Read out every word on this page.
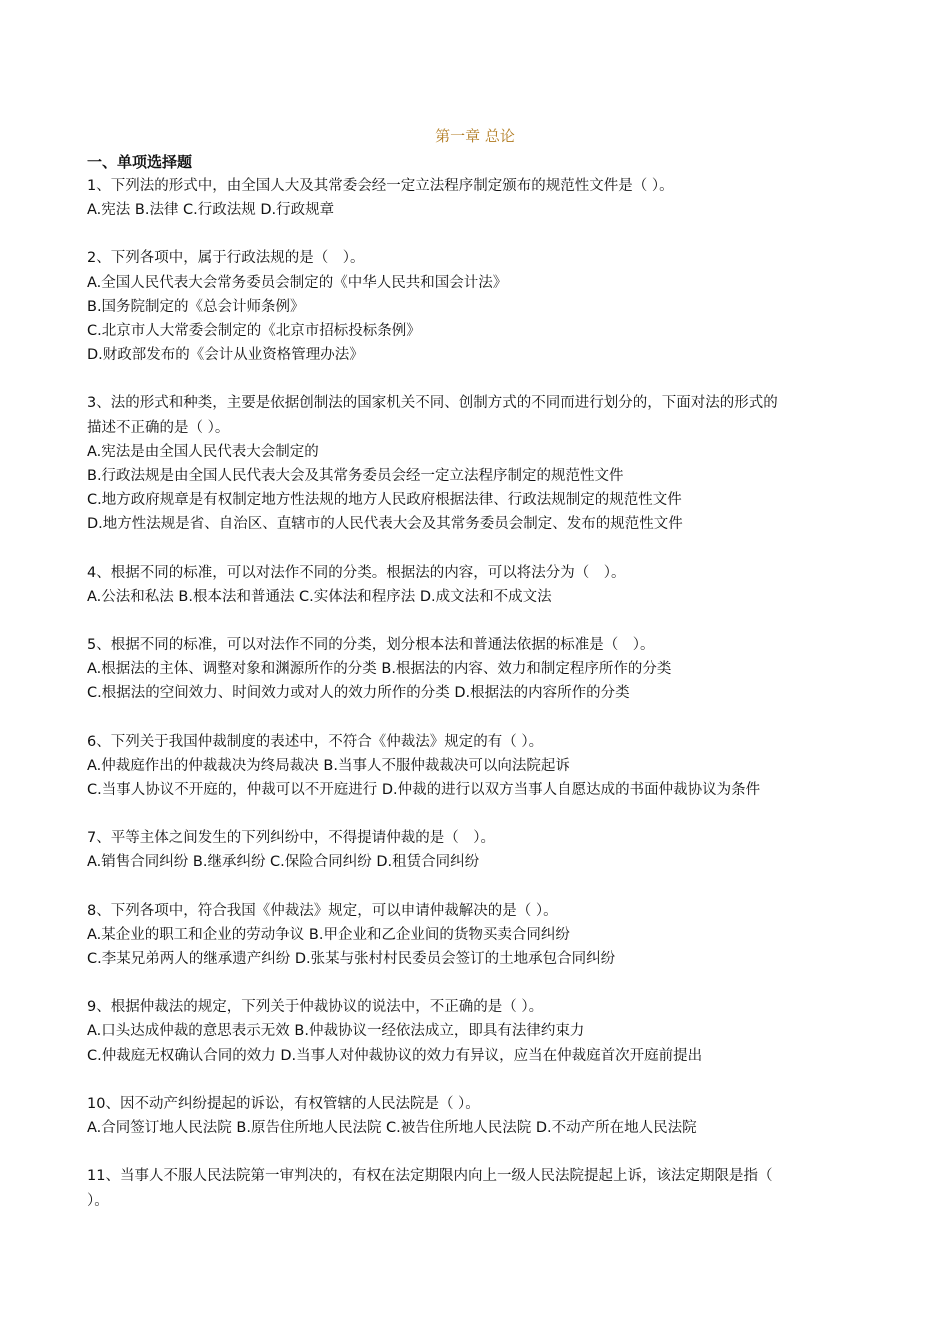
第一章 总论
一、单项选择题
1、下列法的形式中，由全国人大及其常委会经一定立法程序制定颁布的规范性文件是（ ）。
A.宪法 B.法律 C.行政法规 D.行政规章
2、下列各项中，属于行政法规的是（　）。
A.全国人民代表大会常务委员会制定的《中华人民共和国会计法》
B.国务院制定的《总会计师条例》
C.北京市人大常委会制定的《北京市招标投标条例》
D.财政部发布的《会计从业资格管理办法》
3、法的形式和种类，主要是依据创制法的国家机关不同、创制方式的不同而进行划分的，下面对法的形式的
描述不正确的是（ ）。
A.宪法是由全国人民代表大会制定的
B.行政法规是由全国人民代表大会及其常务委员会经一定立法程序制定的规范性文件
C.地方政府规章是有权制定地方性法规的地方人民政府根据法律、行政法规制定的规范性文件
D.地方性法规是省、自治区、直辖市的人民代表大会及其常务委员会制定、发布的规范性文件
4、根据不同的标准，可以对法作不同的分类。根据法的内容，可以将法分为（　）。
A.公法和私法 B.根本法和普通法 C.实体法和程序法 D.成文法和不成文法
5、根据不同的标准，可以对法作不同的分类，划分根本法和普通法依据的标准是（　）。
A.根据法的主体、调整对象和渊源所作的分类 B.根据法的内容、效力和制定程序所作的分类
C.根据法的空间效力、时间效力或对人的效力所作的分类 D.根据法的内容所作的分类
6、下列关于我国仲裁制度的表述中，不符合《仲裁法》规定的有（ ）。
A.仲裁庭作出的仲裁裁决为终局裁决 B.当事人不服仲裁裁决可以向法院起诉
C.当事人协议不开庭的，仲裁可以不开庭进行 D.仲裁的进行以双方当事人自愿达成的书面仲裁协议为条件
7、平等主体之间发生的下列纠纷中，不得提请仲裁的是（　）。
A.销售合同纠纷 B.继承纠纷 C.保险合同纠纷 D.租赁合同纠纷
8、下列各项中，符合我国《仲裁法》规定，可以申请仲裁解决的是（ ）。
A.某企业的职工和企业的劳动争议 B.甲企业和乙企业间的货物买卖合同纠纷
C.李某兄弟两人的继承遗产纠纷 D.张某与张村村民委员会签订的土地承包合同纠纷
9、根据仲裁法的规定，下列关于仲裁协议的说法中，不正确的是（ ）。
A.口头达成仲裁的意思表示无效 B.仲裁协议一经依法成立，即具有法律约束力
C.仲裁庭无权确认合同的效力 D.当事人对仲裁协议的效力有异议，应当在仲裁庭首次开庭前提出
10、因不动产纠纷提起的诉讼，有权管辖的人民法院是（ ）。
A.合同签订地人民法院 B.原告住所地人民法院 C.被告住所地人民法院 D.不动产所在地人民法院
11、当事人不服人民法院第一审判决的，有权在法定期限内向上一级人民法院提起上诉，该法定期限是指（
）。
